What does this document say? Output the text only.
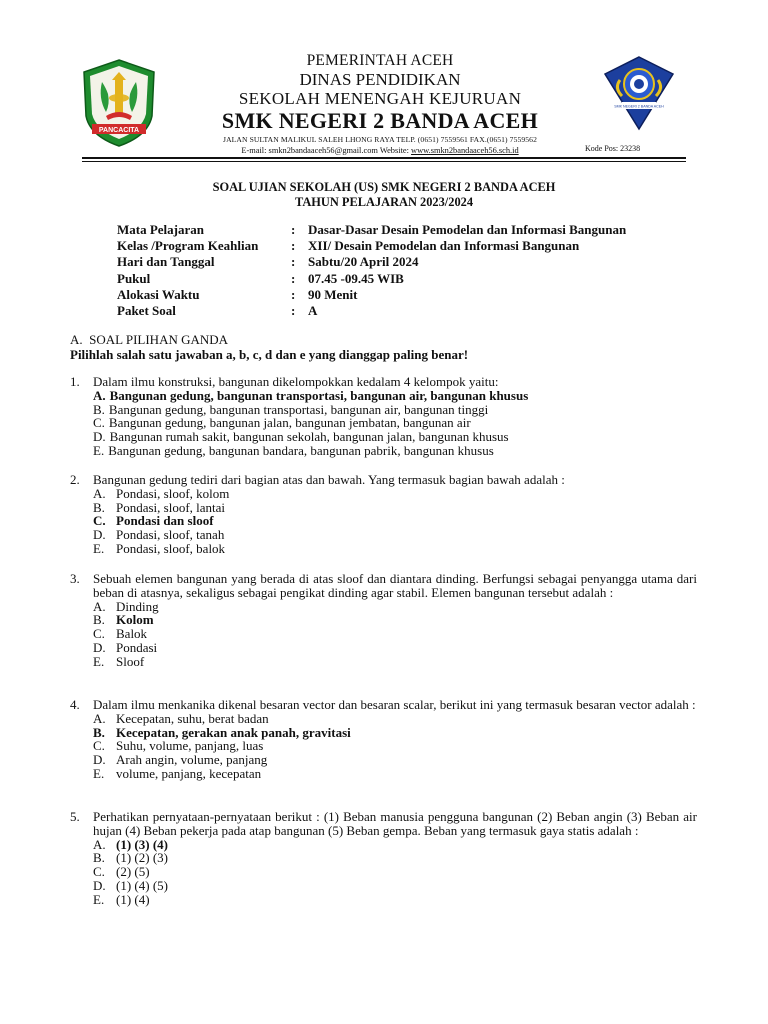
PANCACITA
PEMERINTAH ACEH
DINAS PENDIDIKAN
SEKOLAH MENENGAH KEJURUAN
SMK NEGERI 2 BANDA ACEH
JALAN SULTAN MALIKUL SALEH LHONG RAYA TELP. (0651) 7559561 FAX.(0651) 7559562
E-mail: smkn2bandaaceh56@gmail.com Website: www.smkn2bandaaceh56.sch.id
SMK NEGERI 2 BANDA ACEH
Kode Pos: 23238
SOAL UJIAN SEKOLAH (US) SMK NEGERI 2 BANDA ACEH
TAHUN PELAJARAN 2023/2024
Mata Pelajaran	: Dasar-Dasar Desain Pemodelan dan Informasi Bangunan
Kelas /Program Keahlian	: XII/ Desain Pemodelan dan Informasi Bangunan
Hari dan Tanggal	: Sabtu/20 April 2024
Pukul	: 07.45 -09.45 WIB
Alokasi Waktu	: 90 Menit
Paket Soal	: A
A. SOAL PILIHAN GANDA
Pilihlah salah satu jawaban a, b, c, d dan e yang dianggap paling benar!
1. Dalam ilmu konstruksi, bangunan dikelompokkan kedalam 4 kelompok yaitu:
A. Bangunan gedung, bangunan transportasi, bangunan air, bangunan khusus
B. Bangunan gedung, bangunan transportasi, bangunan air, bangunan tinggi
C. Bangunan gedung, bangunan jalan, bangunan jembatan, bangunan air
D. Bangunan rumah sakit, bangunan sekolah, bangunan jalan, bangunan khusus
E. Bangunan gedung, bangunan bandara, bangunan pabrik, bangunan khusus
2. Bangunan gedung tediri dari bagian atas dan bawah. Yang termasuk bagian bawah adalah :
A. Pondasi, sloof, kolom
B. Pondasi, sloof, lantai
C. Pondasi dan sloof
D. Pondasi, sloof, tanah
E. Pondasi, sloof, balok
3. Sebuah elemen bangunan yang berada di atas sloof dan diantara dinding. Berfungsi sebagai penyangga utama dari beban di atasnya, sekaligus sebagai pengikat dinding agar stabil. Elemen bangunan tersebut adalah :
A. Dinding
B. Kolom
C. Balok
D. Pondasi
E. Sloof
4. Dalam ilmu menkanika dikenal besaran vector dan besaran scalar, berikut ini yang termasuk besaran vector adalah :
A. Kecepatan, suhu, berat badan
B. Kecepatan, gerakan anak panah, gravitasi
C. Suhu, volume, panjang, luas
D. Arah angin, volume, panjang
E. volume, panjang, kecepatan
5. Perhatikan pernyataan-pernyataan berikut : (1) Beban manusia pengguna bangunan (2) Beban angin (3) Beban air hujan (4) Beban pekerja pada atap bangunan (5) Beban gempa. Beban yang termasuk gaya statis adalah :
A. (1) (3) (4)
B. (1) (2) (3)
C. (2) (5)
D. (1) (4) (5)
E. (1) (4)
